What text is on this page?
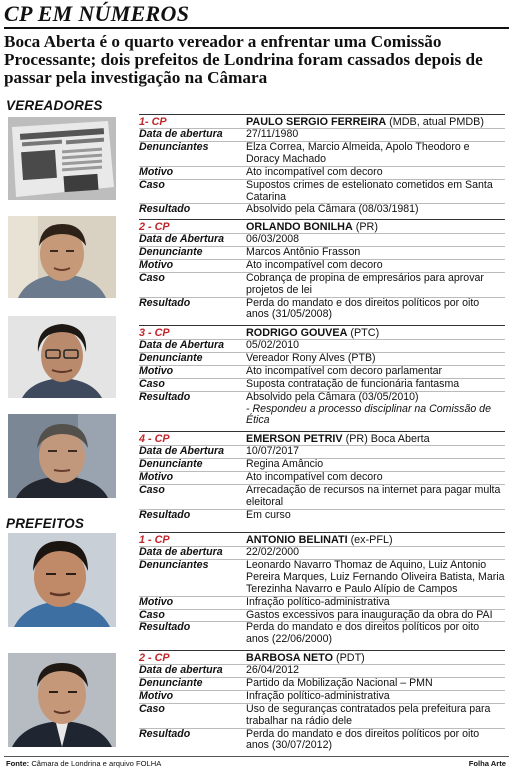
CP EM NÚMEROS
Boca Aberta é o quarto vereador a enfrentar uma Comissão Processante; dois prefeitos de Londrina foram cassados depois de passar pela investigação na Câmara
VEREADORES
PREFEITOS
1- CP	PAULO SERGIO FERREIRA (MDB, atual PMDB)
Data de abertura	27/11/1980
Denunciantes	Elza Correa, Marcio Almeida, Apolo Theodoro e Doracy Machado
Motivo	Ato incompatível com decoro
Caso	Supostos crimes de estelionato cometidos em Santa Catarina
Resultado	Absolvido pela Câmara (08/03/1981)
2 - CP	ORLANDO BONILHA (PR)
Data de Abertura	06/03/2008
Denunciante	Marcos Antônio Frasson
Motivo	Ato incompatível com decoro
Caso	Cobrança de propina de empresários para aprovar projetos de lei
Resultado	Perda do mandato e dos direitos políticos por oito anos (31/05/2008)
3 - CP	RODRIGO GOUVEA (PTC)
Data de Abertura	05/02/2010
Denunciante	Vereador Rony Alves (PTB)
Motivo	Ato incompatível com decoro parlamentar
Caso	Suposta contratação de funcionária fantasma
Resultado	Absolvido pela Câmara (03/05/2010)
- Respondeu a processo disciplinar na Comissão de Ética
4 - CP	EMERSON PETRIV (PR) Boca Aberta
Data de Abertura	10/07/2017
Denunciante	Regina Amâncio
Motivo	Ato incompatível com decoro
Caso	Arrecadação de recursos na internet para pagar multa eleitoral
Resultado	Em curso
1 - CP	ANTONIO BELINATI (ex-PFL)
Data de abertura	22/02/2000
Denunciantes	Leonardo Navarro Thomaz de Aquino, Luiz Antonio Pereira Marques, Luiz Fernando Oliveira Batista, Maria Terezinha Navarro e Paulo Alípio de Campos
Motivo	Infração político-administrativa
Caso	Gastos excessivos para inauguração da obra do PAI
Resultado	Perda do mandato e dos direitos políticos por oito anos (22/06/2000)
2 - CP	BARBOSA NETO (PDT)
Data de abertura	26/04/2012
Denunciante	Partido da Mobilização Nacional – PMN
Motivo	Infração político-administrativa
Caso	Uso de seguranças contratados pela prefeitura para trabalhar na rádio dele
Resultado	Perda do mandato e dos direitos políticos por oito anos (30/07/2012)
Fonte: Câmara de Londrina e arquivo FOLHA	Folha Arte
